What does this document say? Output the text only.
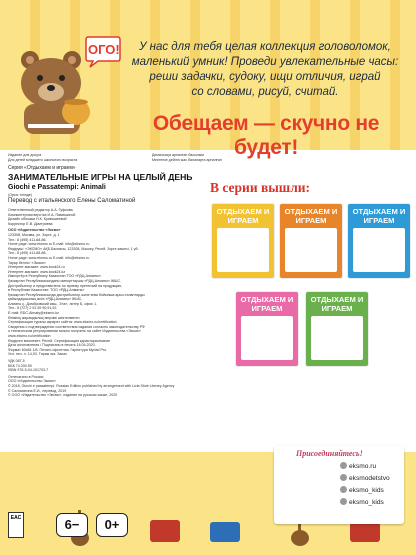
ОГО!	У нас для тебя целая коллекция головоломок,
маленький умник! Проведи увлекательные часы:
реши задачки, судоку, ищи отличия, играй
со словами, рисуй, считай.
Обещаем — скучно не будет!
Издание для досуга
Для детей младшего школьного возраста
Демалысқа арналған басылым
Мектепке дейінгі жас балаларға арналған
Серия «Отдыхаем и играем»
ЗАНИМАТЕЛЬНЫЕ ИГРЫ НА ЦЕЛЫЙ ДЕНЬ
Giochi e Passatempi: Animali
(Орыс тілінде)
Перевод с итальянского Елены Саломатиной
Ответственный редактор А.А. Гуфкова
Компьютерная верстка И.А. Памешиной
Дизайн обложки Н.К. Кривошеевой
Корректор Е.В. Дмитриева
ООО «Издательство «Эксмо»
123308, Москва, ул. Зорге, д. 1
Тел.: 8 (495) 411-68-86.
Home page: www.eksmo.ru E-mail: info@eksmo.ru
Өндіруші: «ЭКСМО» АҚБ Баспасы, 123308, Мәскеу, Ресей, Зорге көшесі, 1 үй.
Тел.: 8 (495) 411-68-86.
Home page: www.eksmo.ru E-mail: info@eksmo.ru
Тауар белгісі: «Эксмо»
Интернет-магазин: www.book24.ru
Интернет-магазин: www.book24.kz
Импортёр в Республику Казахстан ТОО «РДЦ-Алматы».
Қазақстан Республикасындағы импорттаушы «РДЦ-Алматы» ЖШС.
Дистрибьютор и представитель по приему претензий на продукцию,
в Республике Казахстан: ТОО «РДЦ-Алматы»
Қазақстан Республикасында дистрибьютор және өнім бойынша арыз-талаптарды
қабылдаушының өкілі «РДЦ-Алматы» ЖШС,
Алматы қ., Домбровский көш., 3«а», литер Б, офис 1.
Тел.: 8 (727) 2 51 59 90,91,92.
E-mail: RDC-Almaty@eksmo.kz
Өнімнің жарамдылық мерзімі шектелмеген.
Сертификация туралы ақпарат сайтта: www.eksmo.ru/certification
Сведения о подтверждении соответствия издания согласно законодательству РФ
о техническом регулировании можно получить на сайте Издательства «Эксмо»
www.eksmo.ru/certification
Өндірген мемлекет: Ресей. Сертификация қарастырылмаған
Дата изготовления / Подписано в печать 16.04.2020.
Формат 60x84 1/8. Печать офсетная. Гарнитура Myriad Pro.
Усл. печ. л. 14,93. Тираж экз. Заказ
УДК 087.5
ББК 74.200.59
ISBN 978-5-04-101703-7
Отпечатано в России.
ООО «Издательство Эксмо»
© 2018, Giochi e passatempi. Russian Edition published by arrangement with Livia Stole Literary Agency
© Саломатина Е.И., перевод, 2019
© ООО «Издательство «Эксмо», издание на русском языке, 2020
В серии вышли:
ОТДЫХАЕМ И ИГРАЕМ
ОТДЫХАЕМ И ИГРАЕМ
ОТДЫХАЕМ И ИГРАЕМ
ОТДЫХАЕМ И ИГРАЕМ
ОТДЫХАЕМ И ИГРАЕМ
Присоединяйтесь!
eksmo.ru
eksmodetstvo
eksmo_kids
eksmo_kids
ЕАС	6−	0+
